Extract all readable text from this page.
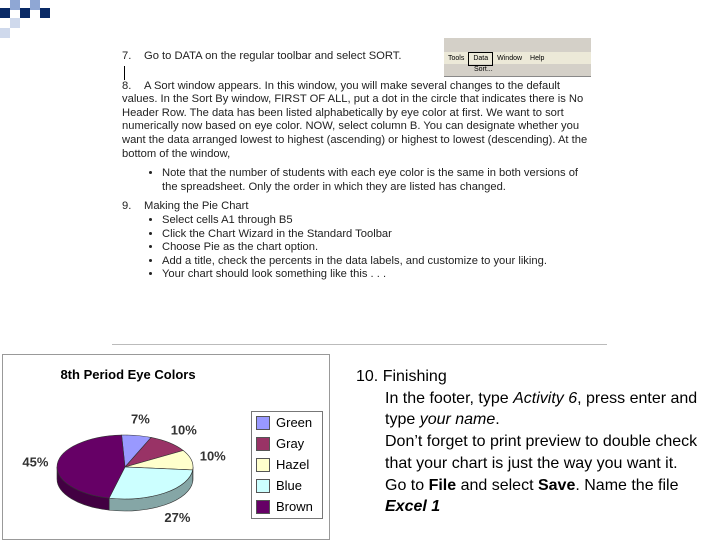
7. Go to DATA on the regular toolbar and select SORT.

8. A Sort window appears. In this window, you will make several changes to the default values. In the Sort By window, FIRST OF ALL, put a dot in the circle that indicates there is No Header Row. The data has been listed alphabetically by eye color at first. We want to sort numerically now based on eye color. NOW, select column B. You can designate whether you want the data arranged lowest to highest (ascending) or highest to lowest (descending). At the bottom of the window,

• Note that the number of students with each eye color is the same in both versions of the spreadsheet. Only the order in which they are listed has changed.

9. Making the Pie Chart

• Select cells A1 through B5
• Click the Chart Wizard in the Standard Toolbar
• Choose Pie as the chart option.
• Add a title, check the percents in the data labels, and customize to your liking.
• Your chart should look something like this . . .
Tools Data Window Help
Sort...
8th Period Eye Colors
7%
10%
10%
27%
45%
Green
Gray
Hazel
Blue
Brown
10. Finishing
In the footer, type Activity 6, press enter and type your name.
Don’t forget to print preview to double check that your chart is just the way you want it.
Go to File and select Save. Name the file Excel 1
